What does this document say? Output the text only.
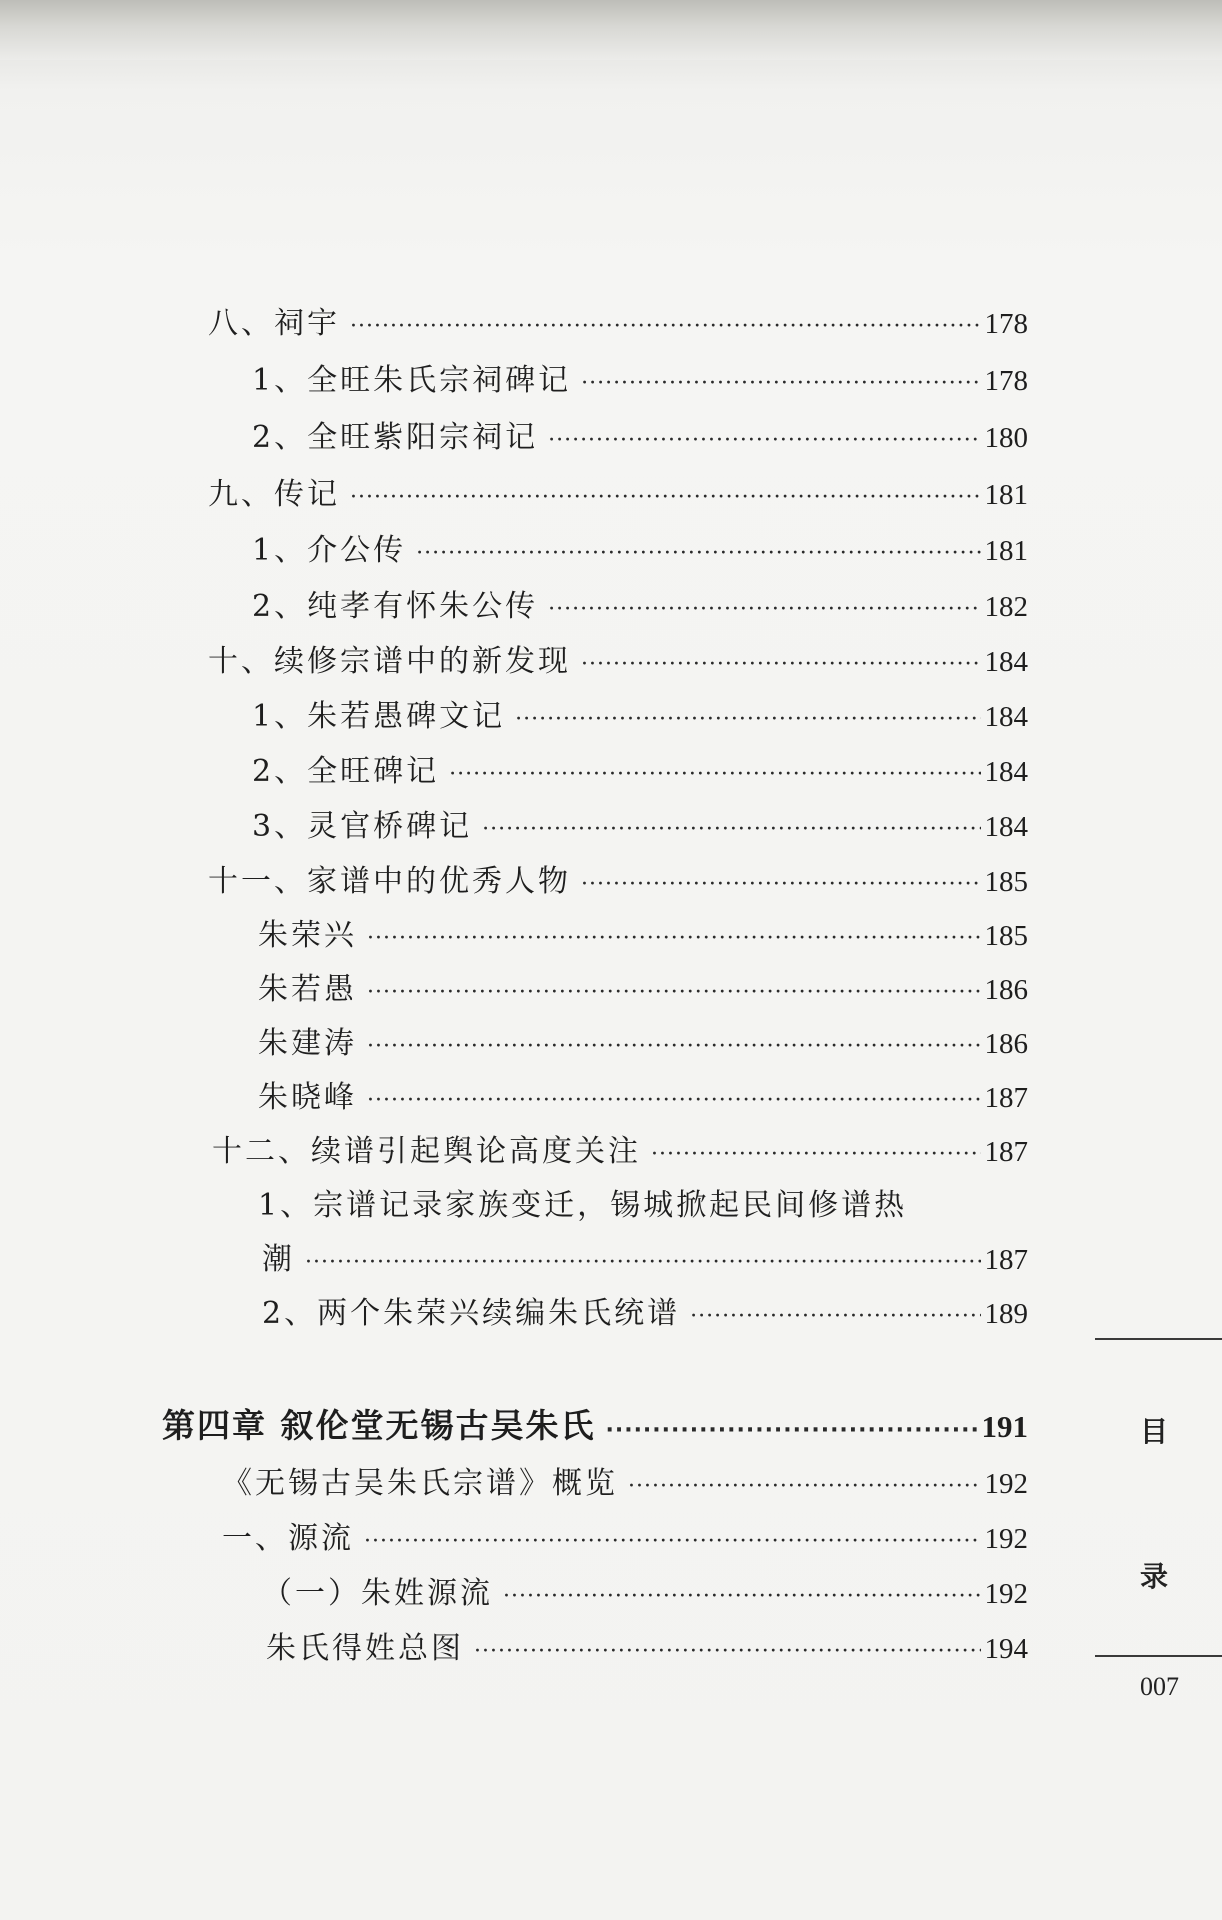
八、祠宇 ·····	178
1、全旺朱氏宗祠碑记 ·····	178
2、全旺紫阳宗祠记 ·····	180
九、传记 ·····	181
1、介公传 ·····	181
2、纯孝有怀朱公传 ·····	182
十、续修宗谱中的新发现 ·····	184
1、朱若愚碑文记 ·····	184
2、全旺碑记 ·····	184
3、灵官桥碑记 ·····	184
十一、家谱中的优秀人物 ·····	185
朱荣兴 ·····	185
朱若愚 ·····	186
朱建涛 ·····	186
朱晓峰 ·····	187
十二、续谱引起舆论高度关注 ·····	187
1、宗谱记录家族变迁，锡城掀起民间修谱热
潮 ·····	187
2、两个朱荣兴续编朱氏统谱 ·····	189
第四章 叙伦堂无锡古吴朱氏 ·····	191
《无锡古吴朱氏宗谱》概览 ·····	192
一、源流 ·····	192
（一）朱姓源流 ·····	192
朱氏得姓总图 ·····	194
目
录
007
